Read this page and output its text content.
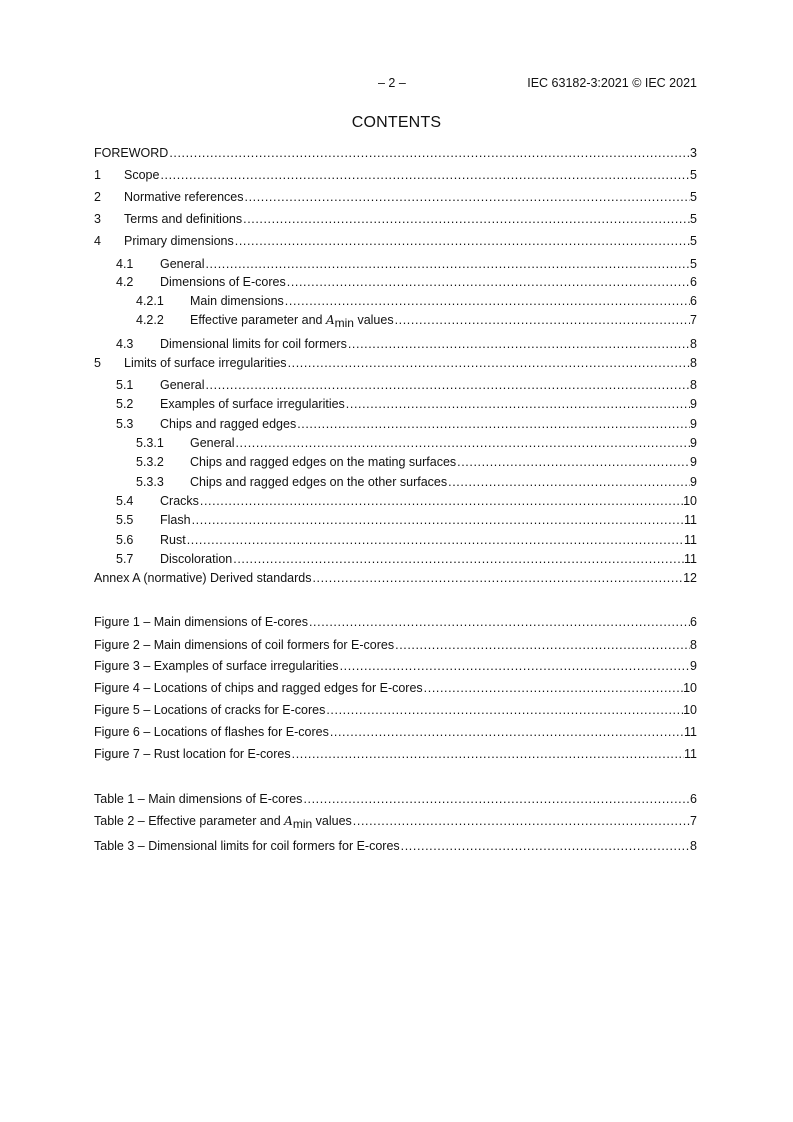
– 2 –	IEC 63182-3:2021 © IEC 2021
CONTENTS
FOREWORD .....	3
1	Scope .....	5
2	Normative references .....	5
3	Terms and definitions .....	5
4	Primary dimensions .....	5
4.1	General .....	5
4.2	Dimensions of E-cores .....	6
4.2.1	Main dimensions .....	6
4.2.2	Effective parameter and Amin values .....	7
4.3	Dimensional limits for coil formers .....	8
5	Limits of surface irregularities .....	8
5.1	General .....	8
5.2	Examples of surface irregularities .....	9
5.3	Chips and ragged edges .....	9
5.3.1	General .....	9
5.3.2	Chips and ragged edges on the mating surfaces .....	9
5.3.3	Chips and ragged edges on the other surfaces .....	9
5.4	Cracks .....	10
5.5	Flash .....	11
5.6	Rust .....	11
5.7	Discoloration .....	11
Annex A (normative) Derived standards .....	12
Figure 1 – Main dimensions of E-cores .....	6
Figure 2 – Main dimensions of coil formers for E-cores .....	8
Figure 3 – Examples of surface irregularities .....	9
Figure 4 – Locations of chips and ragged edges for E-cores .....	10
Figure 5 – Locations of cracks for E-cores .....	10
Figure 6 – Locations of flashes for E-cores .....	11
Figure 7 – Rust location for E-cores .....	11
Table 1 – Main dimensions of E-cores .....	6
Table 2 – Effective parameter and Amin values .....	7
Table 3 – Dimensional limits for coil formers for E-cores .....	8
